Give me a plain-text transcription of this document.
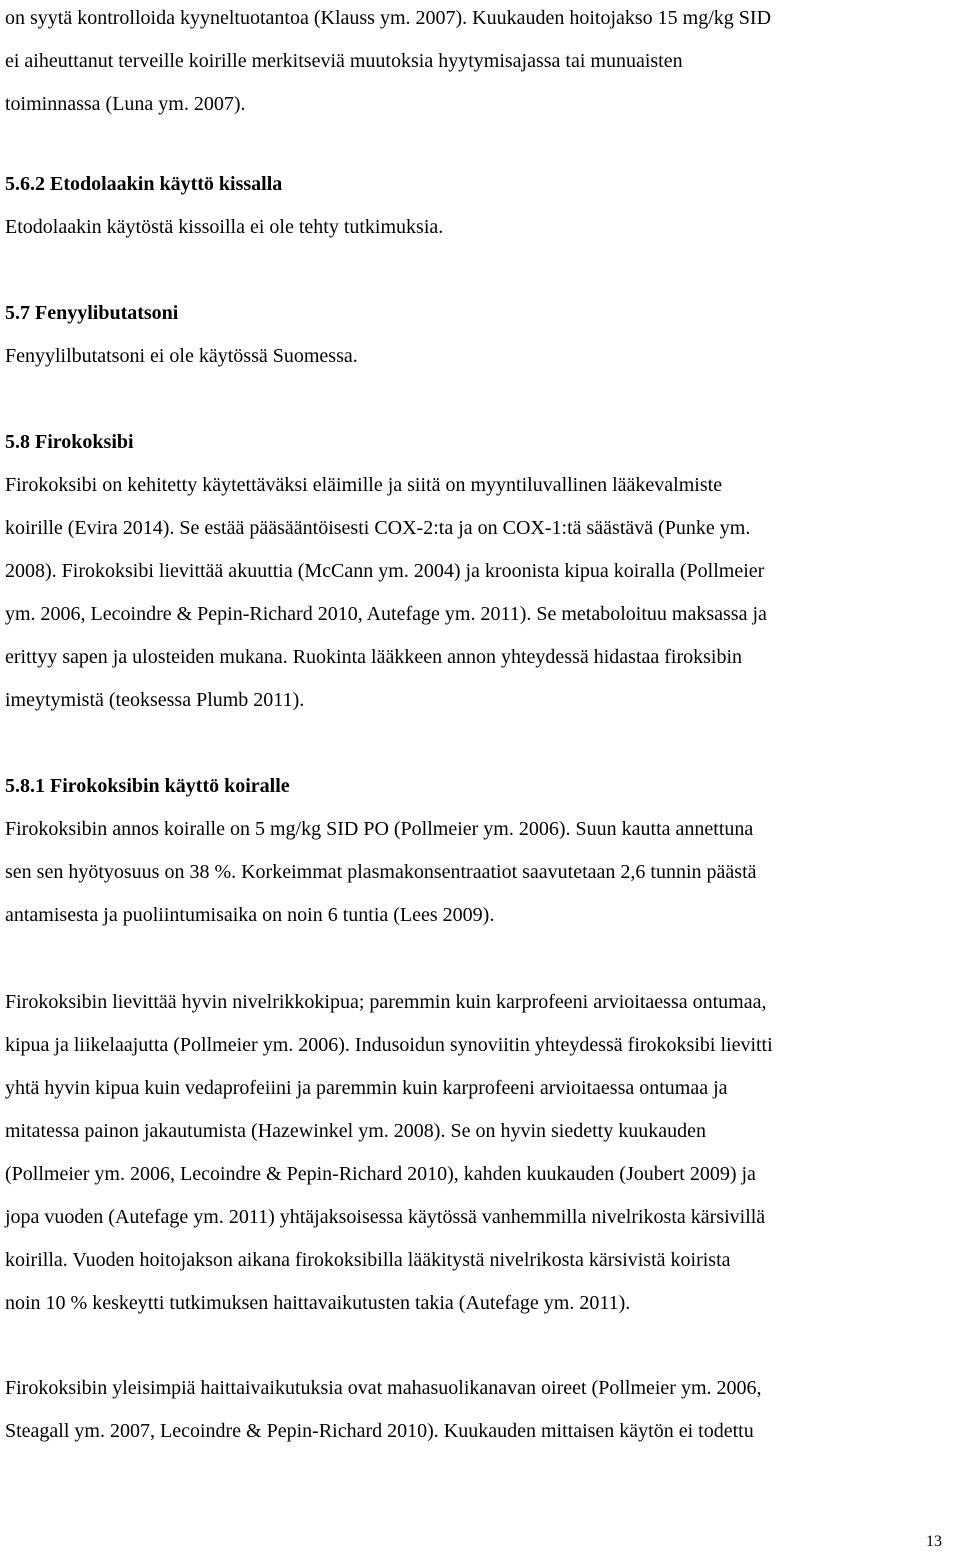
on syytä kontrolloida kyyneltuotantoa (Klauss ym. 2007). Kuukauden hoitojakso 15 mg/kg SID
ei aiheuttanut terveille koirille merkitseviä muutoksia hyytymisajassa tai munuaisten
toiminnassa (Luna ym. 2007).

5.6.2 Etodolaakin käyttö kissalla

Etodolaakin käytöstä kissoilla ei ole tehty tutkimuksia.

5.7 Fenyylibutatsoni

Fenyylilbutatsoni ei ole käytössä Suomessa.

5.8 Firokoksibi

Firokoksibi on kehitetty käytettäväksi eläimille ja siitä on myyntiluvallinen lääkevalmiste
koirille (Evira 2014). Se estää pääsääntöisesti COX-2:ta ja on COX-1:tä säästävä (Punke ym.
2008). Firokoksibi lievittää akuuttia (McCann ym. 2004) ja kroonista kipua koiralla (Pollmeier
ym. 2006, Lecoindre & Pepin-Richard 2010, Autefage ym. 2011). Se metaboloituu maksassa ja
erittyy sapen ja ulosteiden mukana. Ruokinta lääkkeen annon yhteydessä hidastaa firoksibin
imeytymistä (teoksessa Plumb 2011).

5.8.1 Firokoksibin käyttö koiralle

Firokoksibin annos koiralle on 5 mg/kg SID PO (Pollmeier ym. 2006). Suun kautta annettuna
sen sen hyötyosuus on 38 %. Korkeimmat plasmakonsentraatiot saavutetaan 2,6 tunnin päästä
antamisesta ja puoliintumisaika on noin 6 tuntia (Lees 2009).

Firokoksibin lievittää hyvin nivelrikkokipua; paremmin kuin karprofeeni arvioitaessa ontumaa,
kipua ja liikelaajutta (Pollmeier ym. 2006). Indusoidun synoviitin yhteydessä firokoksibi lievitti
yhtä hyvin kipua kuin vedaprofeiini ja paremmin kuin karprofeeni arvioitaessa ontumaa ja
mitatessa painon jakautumista (Hazewinkel ym. 2008). Se on hyvin siedetty kuukauden
(Pollmeier ym. 2006, Lecoindre & Pepin-Richard 2010), kahden kuukauden (Joubert 2009) ja
jopa vuoden (Autefage ym. 2011) yhtäjaksoisessa käytössä vanhemmilla nivelrikosta kärsivillä
koirilla. Vuoden hoitojakson aikana firokoksibilla lääkitystä nivelrikosta kärsivistä koirista
noin 10 % keskeytti tutkimuksen haittavaikutusten takia (Autefage ym. 2011).

Firokoksibin yleisimpiä haittaivaikutuksia ovat mahasuolikanavan oireet (Pollmeier ym. 2006,
Steagall ym. 2007, Lecoindre & Pepin-Richard 2010). Kuukauden mittaisen käytön ei todettu

13
